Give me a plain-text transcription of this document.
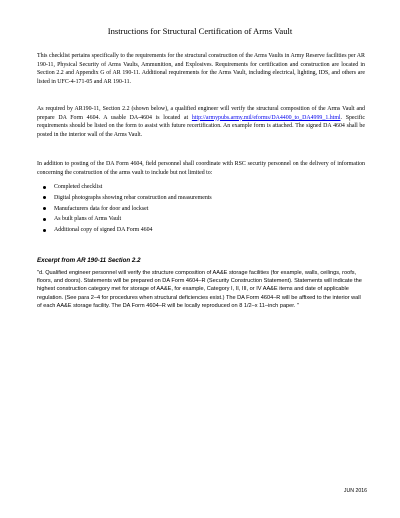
Instructions for Structural Certification of Arms Vault

This checklist pertains specifically to the requirements for the structural construction of the Arms Vaults in Army Reserve facilities per AR 190-11, Physical Security of Arms Vaults, Ammunition, and Explosives. Requirements for certification and construction are located in Section 2.2 and Appendix G of AR 190-11. Additional requirements for the Arms Vault, including electrical, lighting, IDS, and others are listed in UFC-4-171-05 and AR 190-11.

As required by AR190-11, Section 2.2 (shown below), a qualified engineer will verify the structural composition of the Arms Vault and prepare DA Form 4604. A usable DA-4604 is located at http://armypubs.army.mil/eforms/DA4400_to_DA4999_1.html. Specific requirements should be listed on the form to assist with future recertification. An example form is attached. The signed DA 4604 shall be posted in the interior wall of the Arms Vault.

In addition to posting of the DA Form 4604, field personnel shall coordinate with RSC security personnel on the delivery of information concerning the construction of the arms vault to include but not limited to:

Completed checklist
Digital photographs showing rebar construction and measurements
Manufacturers data for door and lockset
As built plans of Arms Vault
Additional copy of signed DA Form 4604
Excerpt from AR 190-11 Section 2.2

"d. Qualified engineer personnel will verify the structure composition of AA&E storage facilities (for example, walls, ceilings, roofs, floors, and doors). Statements will be prepared on DA Form 4604–R (Security Construction Statement). Statements will indicate the highest construction category met for storage of AA&E, for example, Category I, II, III, or IV AA&E items and date of applicable regulation. (See para 2–4 for procedures when structural deficiencies exist.) The DA Form 4604–R will be affixed to the interior wall of each AA&E storage facility. The DA Form 4604–R will be locally reproduced on 8 1/2–x 11–inch paper. "

JUN 2016
